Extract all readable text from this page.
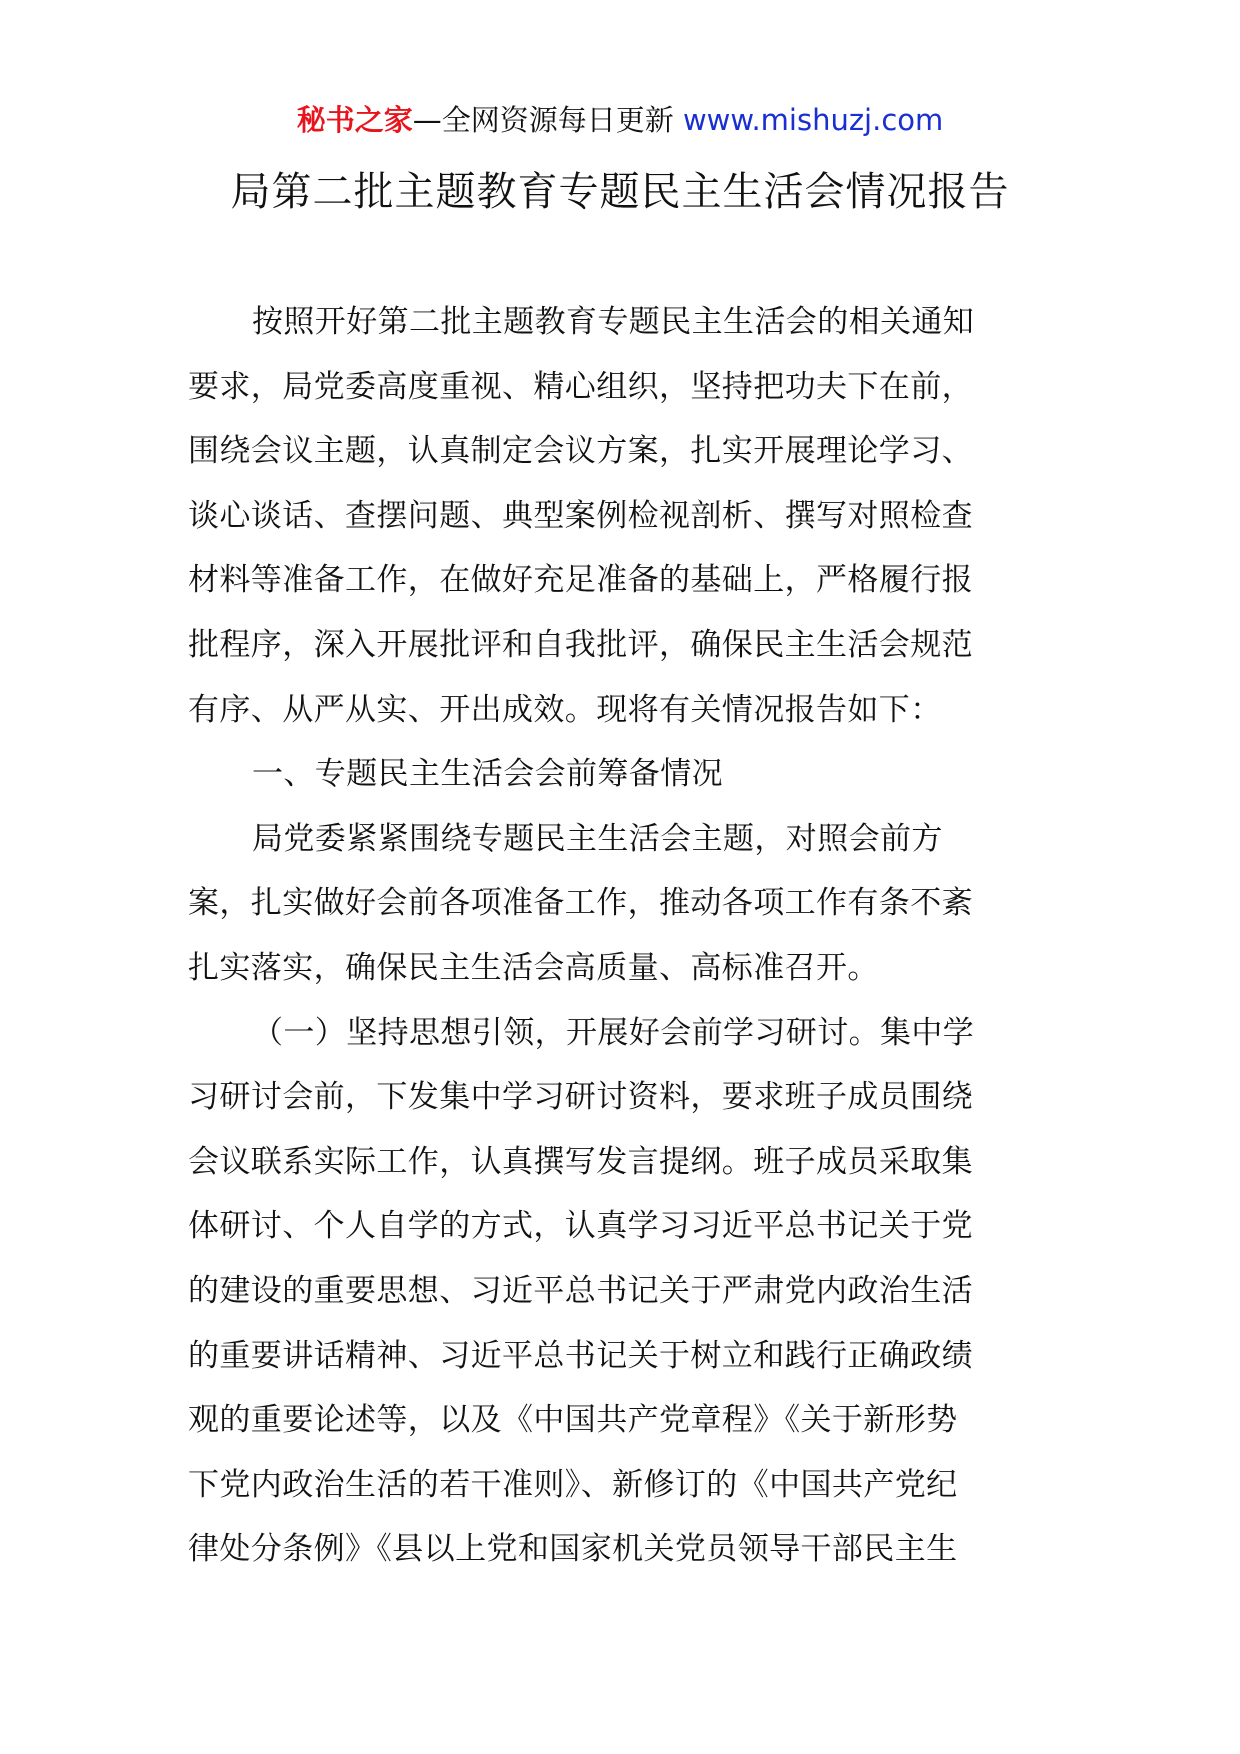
秘书之家—全网资源每日更新 www.mishuzj.com
局第二批主题教育专题民主生活会情况报告
按照开好第二批主题教育专题民主生活会的相关通知
要求，局党委高度重视、精心组织，坚持把功夫下在前，
围绕会议主题，认真制定会议方案，扎实开展理论学习、
谈心谈话、查摆问题、典型案例检视剖析、撰写对照检查
材料等准备工作，在做好充足准备的基础上，严格履行报
批程序，深入开展批评和自我批评，确保民主生活会规范
有序、从严从实、开出成效。现将有关情况报告如下：
一、专题民主生活会会前筹备情况
局党委紧紧围绕专题民主生活会主题，对照会前方
案，扎实做好会前各项准备工作，推动各项工作有条不紊
扎实落实，确保民主生活会高质量、高标准召开。
（一）坚持思想引领，开展好会前学习研讨。集中学
习研讨会前，下发集中学习研讨资料，要求班子成员围绕
会议联系实际工作，认真撰写发言提纲。班子成员采取集
体研讨、个人自学的方式，认真学习习近平总书记关于党
的建设的重要思想、习近平总书记关于严肃党内政治生活
的重要讲话精神、习近平总书记关于树立和践行正确政绩
观的重要论述等，以及《中国共产党章程》《关于新形势
下党内政治生活的若干准则》、新修订的《中国共产党纪
律处分条例》《县以上党和国家机关党员领导干部民主生
